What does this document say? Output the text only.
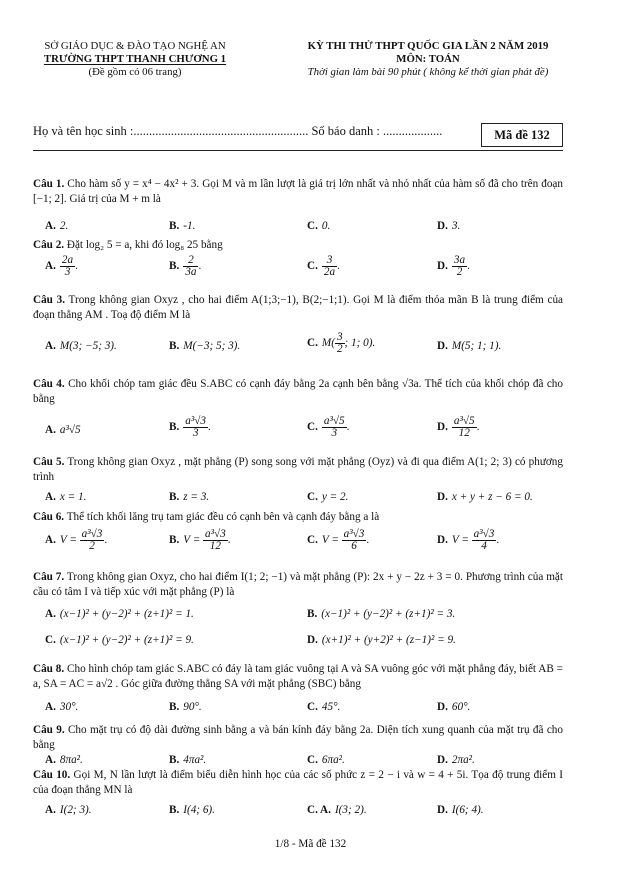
SỞ GIÁO DỤC & ĐÀO TẠO NGHỆ AN
TRƯỜNG THPT THANH CHƯƠNG 1
(Đề gồm có 06 trang)
KỲ THI THỬ THPT QUỐC GIA LẦN 2 NĂM 2019
MÔN: TOÁN
Thời gian làm bài 90 phút ( không kể thời gian phát đề)
Họ và tên học sinh :........................................................ Số báo danh : ...................	Mã đề 132
Câu 1. Cho hàm số y = x⁴ − 4x² + 3. Gọi M và m lần lượt là giá trị lớn nhất và nhỏ nhất của hàm số đã cho trên đoạn [−1; 2]. Giá trị của M + m là
A. 2.	B. -1.	C. 0.	D. 3.
Câu 2. Đặt log₂ 5 = a, khi đó log₈ 25 bằng
A. $\frac{2a}{3}$ .	B. $\frac{2}{3a}$ .	C. $\frac{3}{2a}$ .	D. $\frac{3a}{2}$ .
Câu 3. Trong không gian Oxyz , cho hai điểm A(1;3;−1), B(2;−1;1). Gọi M là điểm thỏa mãn B là trung điểm của đoạn thẳng AM . Toạ độ điểm M là
A. M(3; −5; 3).	B. M(−3; 5; 3).	C. $M( \frac{3}{2}$ ; 1; 0).	D. M(5; 1; 1).
Câu 4. Cho khối chóp tam giác đều S.ABC có cạnh đáy bằng 2a cạnh bên bằng √3a. Thể tích của khối chóp đã cho bằng
A. a³√5	B. $\frac{\text{a³√3}}{3}$ .	C. $\frac{\text{a³√5}}{3}$ .	D. $\frac{\text{a³√5}}{12}$ .
Câu 5. Trong không gian Oxyz , mặt phẳng (P) song song với mặt phẳng (Oyz) và đi qua điểm A(1; 2; 3) có phương trình
A. x = 1.	B. z = 3.	C. y = 2.	D. x + y + z − 6 = 0.
Câu 6. Thể tích khối lăng trụ tam giác đều có cạnh bên và cạnh đáy bằng a là
A. $V = \frac{\text{a³√3}}{2}$ .	B. $V = \frac{\text{a³√3}}{12}$ .	C. $V = \frac{\text{a³√3}}{6}$ .	D. $V = \frac{\text{a³√3}}{4}$ .
Câu 7. Trong không gian Oxyz, cho hai điểm I(1; 2; −1) và mặt phẳng (P): 2x + y − 2z + 3 = 0. Phương trình của mặt cầu có tâm I và tiếp xúc với mặt phẳng (P) là
A. (x−1)² + (y−2)² + (z+1)² = 1.	B. (x−1)² + (y−2)² + (z+1)² = 3.
C. (x−1)² + (y−2)² + (z+1)² = 9.	D. (x+1)² + (y+2)² + (z−1)² = 9.
Câu 8. Cho hình chóp tam giác S.ABC có đáy là tam giác vuông tại A và SA vuông góc với mặt phẳng đáy, biết AB = a, SA = AC = a√2 . Góc giữa đường thẳng SA với mặt phẳng (SBC) bằng
A. 30°.	B. 90°.	C. 45°.	D. 60°.
Câu 9. Cho mặt trụ có độ dài đường sinh bằng a và bán kính đáy bằng 2a. Diện tích xung quanh của mặt trụ đã cho bằng
A. 8πa².	B. 4πa².	C. 6πa².	D. 2πa².
Câu 10. Gọi M, N lần lượt là điểm biểu diễn hình học của các số phức z = 2 − i và w = 4 + 5i. Tọa độ trung điểm I của đoạn thẳng MN là
A. I(2; 3).	B. I(4; 6).	C. A. I(3; 2).	D. I(6; 4).
1/8 - Mã đề 132
